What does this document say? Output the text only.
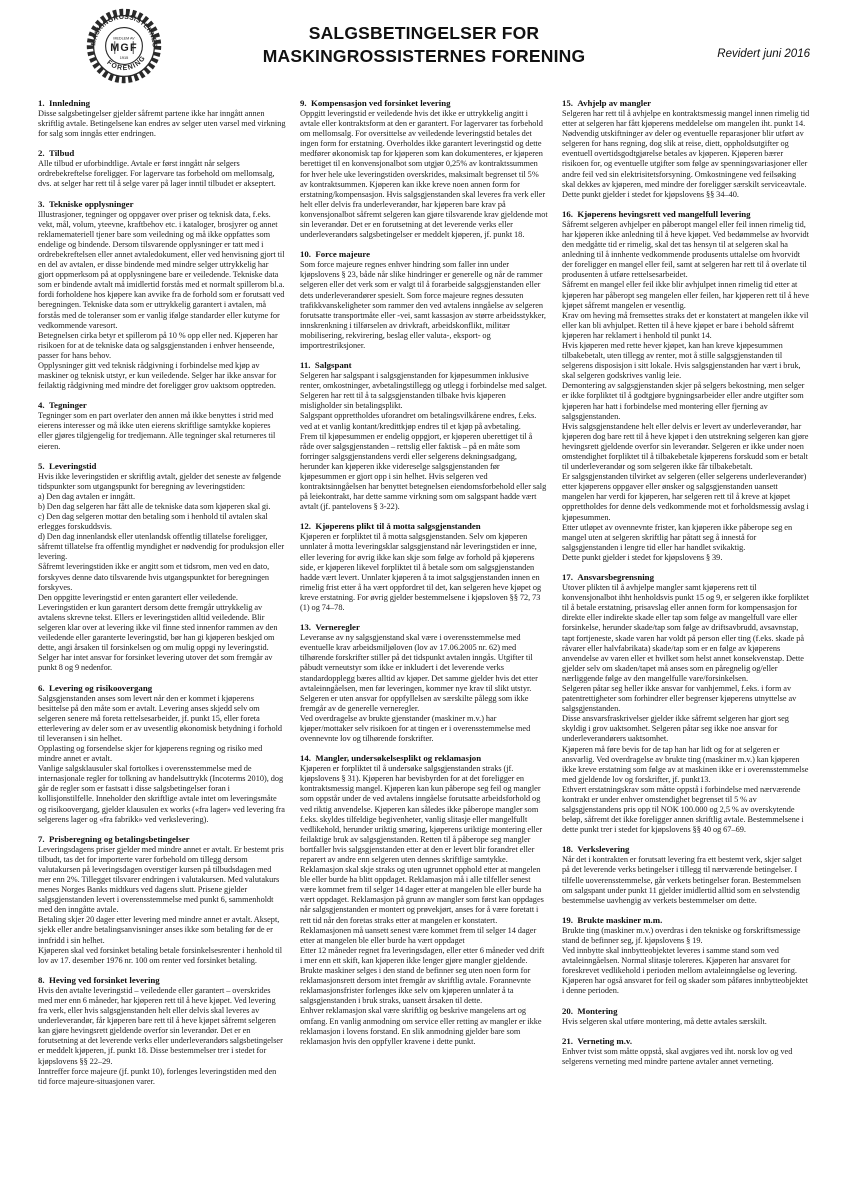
MASKINGROSSISTERNES
FORENING
MEDLEM AV
MGF
1915
SALGSBETINGELSER FOR
MASKINGROSSISTERNES FORENING	Revidert juni 2016
1. Innledning

Disse salgsbetingelser gjelder såfremt partene ikke har inngått annen skriftlig avtale. Betingelsene kan endres av selger uten varsel med virkning for salg som inngås etter endringen.

2. Tilbud

Alle tilbud er uforbindtlige. Avtale er først inngått når selgers ordrebekreftelse foreligger. For lagervare tas forbehold om mellomsalg, dvs. at selger har rett til å selge varer på lager inntil tilbudet er akseptert.

3. Tekniske opplysninger

Illustrasjoner, tegninger og oppgaver over priser og teknisk data, f.eks. vekt, mål, volum, yteevne, kraftbehov etc. i kataloger, brosjyrer og annet reklamemateriell tjener bare som veiledning og må ikke oppfattes som endelige og bindende. Dersom tilsvarende opplysninger er tatt med i ordrebekreftelsen eller annet avtaledokument, eller ved henvisning gjort til en del av avtalen, er disse bindende med mindre selger uttrykkelig har gjort oppmerksom på at opplysningene bare er veiledende. Tekniske data som er bindende avtalt må imidlertid forstås med et normalt spillerom bl.a. fordi forholdene hos kjøpere kan avvike fra de forhold som er forutsatt ved beregningen. Tekniske data som er uttrykkelig garantert i avtalen, må forstås med de toleranser som er vanlig ifølge standarder eller kutyme for vedkommende varesort.

Betegnelsen cirka betyr et spillerom på 10 % opp eller ned. Kjøperen har risikoen for at de tekniske data og salgsgjenstanden i enhver henseende, passer for hans behov.

Opplysninger gitt ved teknisk rådgivning i forbindelse med kjøp av maskiner og teknisk utstyr, er kun veiledende. Selger har ikke ansvar for feilaktig rådgivning med mindre det foreligger grov uaktsom opptreden.

4. Tegninger

Tegninger som en part overlater den annen må ikke benyttes i strid med eierens interesser og må ikke uten eierens skriftlige samtykke kopieres eller gjøres tilgjengelig for tredjemann. Alle tegninger skal returneres til eieren.

5. Leveringstid

Hvis ikke leveringstiden er skriftlig avtalt, gjelder det seneste av følgende tidspunkter som utgangspunkt for beregning av leveringstiden:

a) Den dag avtalen er inngått.

b) Den dag selgeren har fått alle de tekniske data som kjøperen skal gi.

c) Den dag selgeren mottar den betaling som i henhold til avtalen skal erlegges forskuddsvis.

d) Den dag innenlandsk eller utenlandsk offentlig tillatelse foreligger, såfremt tillatelse fra offentlig myndighet er nødvendig for produksjon eller levering.

Såfremt leveringstiden ikke er angitt som et tidsrom, men ved en dato, forskyves denne dato tilsvarende hvis utgangspunktet for beregningen forskyves.

Den oppgitte leveringstid er enten garantert eller veiledende. Leveringstiden er kun garantert dersom dette fremgår uttrykkelig av avtalens skrevne tekst. Ellers er leveringstiden alltid veiledende. Blir selgeren klar over at levering ikke vil finne sted innenfor rammen av den veiledende eller garanterte leveringstid, bør han gi kjøperen beskjed om dette, angi årsaken til forsinkelsen og om mulig oppgi ny leveringstid. Selger har intet ansvar for forsinket levering utover det som fremgår av punkt 8 og 9 nedenfor.

6. Levering og risikoovergang

Salgsgjenstanden anses som levert når den er kommet i kjøperens besittelse på den måte som er avtalt. Levering anses skjedd selv om selgeren senere må foreta rettelsesarbeider, jf. punkt 15, eller foreta etterlevering av deler som er av uvesentlig økonomisk betydning i forhold til leveransen i sin helhet.

Opplasting og forsendelse skjer for kjøperens regning og risiko med mindre annet er avtalt.

Vanlige salgsklausuler skal fortolkes i overensstemmelse med de internasjonale regler for tolkning av handelsuttrykk (Incoterms 2010), dog går de regler som er fastsatt i disse salgsbetingelser foran i kollisjonstilfelle. Inneholder den skriftlige avtale intet om leveringsmåte og risikoovergang, gjelder klausulen ex works («fra lager» ved levering fra selgerens lager og «fra fabrikk» ved verkslevering).

7. Prisberegning og betalingsbetingelser

Leveringsdagens priser gjelder med mindre annet er avtalt. Er bestemt pris tilbudt, tas det for importerte varer forbehold om tillegg dersom valutakursen på leveringsdagen overstiger kursen på tilbudsdagen med mer enn 2%. Tillegget tilsvarer endringen i valutakursen. Med valutakurs menes Norges Banks midtkurs ved dagens slutt. Prisene gjelder salgsgjenstanden levert i overensstemmelse med punkt 6, sammenholdt med den inngåtte avtale.

Betaling skjer 20 dager etter levering med mindre annet er avtalt. Aksept, sjekk eller andre betalingsanvisninger anses ikke som betaling før de er innfridd i sin helhet.

Kjøperen skal ved forsinket betaling betale forsinkelsesrenter i henhold til lov av 17. desember 1976 nr. 100 om renter ved forsinket betaling.

8. Heving ved forsinket levering

Hvis den avtalte leveringstid – veiledende eller garantert – overskrides med mer enn 6 måneder, har kjøperen rett til å heve kjøpet. Ved levering fra verk, eller hvis salgsgjenstanden helt eller delvis skal leveres av underleverandør, får kjøperen bare rett til å heve kjøpet såfremt selgeren kan gjøre hevingsrett gjeldende overfor sin leverandør. Det er en forutsetning at det leverende verks eller underleverandørs salgsbetingelser er meddelt kjøperen, jf. punkt 18. Disse bestemmelser trer i stedet for kjøpslovens §§ 22–29.

Inntreffer force majeure (jf. punkt 10), forlenges leveringstiden med den tid force majeure-situasjonen varer.

9. Kompensasjon ved forsinket levering

Oppgitt leveringstid er veiledende hvis det ikke er uttrykkelig angitt i avtale eller kontraktsform at den er garantert. For lagervarer tas forbehold om mellomsalg. For oversittelse av veiledende leveringstid betales det ingen form for erstatning. Overholdes ikke garantert leveringstid og dette medfører økonomisk tap for kjøperen som kan dokumenteres, er kjøperen berettiget til en konvensjonalbot som utgjør 0,25% av kontraktssummen for hver hele uke leveringstiden overskrides, maksimalt begrenset til 5% av kontraktsummen. Kjøperen kan ikke kreve noen annen form for erstatning/kompensasjon. Hvis salgsgjenstanden skal leveres fra verk eller helt eller delvis fra underleverandør, har kjøperen bare krav på konvensjonalbot såfremt selgeren kan gjøre tilsvarende krav gjeldende mot sin leverandør. Det er en forutsetning at det leverende verks eller underleverandørs salgsbetingelser er meddelt kjøperen, jf. punkt 18.

10. Force majeure

Som force majeure regnes enhver hindring som faller inn under kjøpslovens § 23, både når slike hindringer er generelle og når de rammer selgeren eller det verk som er valgt til å forarbeide salgsgjenstanden eller dets underleverandører spesielt. Som force majeure regnes dessuten trafikkvanskeligheter som rammer den ved avtalens inngåelse av selgeren forutsatte transportmåte eller -vei, samt kassasjon av større arbeidsstykker, innskrenkning i tilførselen av drivkraft, arbeidskonflikt, militær mobilisering, rekvirering, beslag eller valuta-, eksport- og importrestriksjoner.

11. Salgspant

Selgeren har salgspant i salgsgjenstanden for kjøpesummen inklusive renter, omkostninger, avbetalingstillegg og utlegg i forbindelse med salget. Selgeren har rett til å ta salgsgjenstanden tilbake hvis kjøperen misligholder sin betalingsplikt.

Salgspant opprettholdes uforandret om betalingsvilkårene endres, f.eks. ved at et vanlig kontant/kredittkjøp endres til et kjøp på avbetaling.

Frem til kjøpesummen er endelig oppgjort, er kjøperen uberettiget til å råde over salgsgjenstanden – rettslig eller faktisk – på en måte som forringer salgsgjenstandens verdi eller selgerens dekningsadgang, herunder kan kjøperen ikke videreselge salgsgjenstanden før kjøpesummen er gjort opp i sin helhet. Hvis selgeren ved kontraktsinngåelsen har benyttet betegnelsen eiendomsforbehold eller salg på leiekontrakt, har dette samme virkning som om salgspant hadde vært avtalt (jf. pantelovens § 3-22).

12. Kjøperens plikt til å motta salgsgjenstanden

Kjøperen er forpliktet til å motta salgsgjenstanden. Selv om kjøperen unnlater å motta leveringsklar salgsgjenstand når leveringstiden er inne, eller levering for øvrig ikke kan skje som følge av forhold på kjøperens side, er kjøperen likevel forpliktet til å betale som om salgsgjenstanden hadde vært levert. Unnlater kjøperen å ta imot salgsgjenstanden innen en rimelig frist etter å ha vært oppfordret til det, kan selgeren heve kjøpet og kreve erstatning. For øvrig gjelder bestemmelsene i kjøpsloven §§ 72, 73 (1) og 74–78.

13. Verneregler

Leveranse av ny salgsgjenstand skal være i overensstemmelse med eventuelle krav arbeidsmiljøloven (lov av 17.06.2005 nr. 62) med tilhørende forskrifter stiller på det tidspunkt avtalen inngås. Utgifter til påbudt verneutstyr som ikke er inkludert i det leverende verks standardopplegg bæres alltid av kjøper. Det samme gjelder hvis det etter avtaleinngåelsen, men før leveringen, kommer nye krav til slikt utstyr. Selgeren er uten ansvar for oppfyllelsen av særskilte pålegg som ikke fremgår av de generelle verneregler.

Ved overdragelse av brukte gjenstander (maskiner m.v.) har kjøper/mottaker selv risikoen for at tingen er i overensstemmelse med ovennevnte lov og tilhørende forskrifter.

14. Mangler, undersøkelsesplikt og reklamasjon

Kjøperen er forpliktet til å undersøke salgsgjenstanden straks (jf. kjøpslovens § 31). Kjøperen har bevisbyrden for at det foreligger en kontraktsmessig mangel. Kjøperen kan kun påberope seg feil og mangler som oppstår under de ved avtalens inngåelse forutsatte arbeidsforhold og ved riktig anvendelse. Kjøperen kan således ikke påberope mangler som f.eks. skyldes tilfeldige begivenheter, vanlig slitasje eller mangelfullt vedlikehold, herunder uriktig smøring, kjøperens uriktige montering eller feilaktige bruk av salgsgjenstanden. Retten til å påberope seg mangler bortfaller hvis salgsgjenstanden etter at den er levert blir forandret eller reparert av andre enn selgeren uten dennes skriftlige samtykke.

Reklamasjon skal skje straks og uten ugrunnet opphold etter at mangelen ble eller burde ha blitt oppdaget. Reklamasjon må i alle tilfeller senest være kommet frem til selger 14 dager etter at mangelen ble eller burde ha vært oppdaget. Reklamasjon på grunn av mangler som først kan oppdages når salgsgjenstanden er montert og prøvekjørt, anses for å være foretatt i rett tid når den foretas straks etter at mangelen er konstatert. Reklamasjonen må uansett senest være kommet frem til selger 14 dager etter at mangelen ble eller burde ha vært oppdaget

Etter 12 måneder regnet fra leveringsdagen, eller etter 6 måneder ved drift i mer enn ett skift, kan kjøperen ikke lenger gjøre mangler gjeldende. Brukte maskiner selges i den stand de befinner seg uten noen form for reklamasjonsrett dersom intet fremgår av skriftlig avtale. Forannevnte reklamasjonsfrister forlenges ikke selv om kjøperen unnlater å ta salgsgjenstanden i bruk straks, uansett årsaken til dette.

Enhver reklamasjon skal være skriftlig og beskrive mangelens art og omfang. En vanlig anmodning om service eller retting av mangler er ikke reklamasjon i lovens forstand. En slik anmodning gjelder bare som reklamasjon hvis den oppfyller kravene i dette punkt.

15. Avhjelp av mangler

Selgeren har rett til å avhjelpe en kontraktsmessig mangel innen rimelig tid etter at selgeren har fått kjøperens meddelelse om mangelen iht. punkt 14.

Nødvendig utskiftninger av deler og eventuelle reparasjoner blir utført av selgeren for hans regning, dog slik at reise, diett, oppholdsutgifter og eventuell overtidsgodtgjørelse betales av kjøperen. Kjøperen bærer risikoen for, og eventuelle utgifter som følge av spenningsvariasjoner eller andre feil ved sin elektrisitetsforsyning. Omkostningene ved feilsøking skal dekkes av kjøperen, med mindre der foreligger særskilt serviceavtale.

Dette punkt gjelder i stedet for kjøpslovens §§ 34–40.

16. Kjøperens hevingsrett ved mangelfull levering

Såfremt selgeren avhjelper en påberopt mangel eller feil innen rimelig tid, har kjøperen ikke anledning til å heve kjøpet. Ved bedømmelse av hvorvidt den medgåtte tid er rimelig, skal det tas hensyn til at selgeren skal ha anledning til å innhente vedkommende produsents uttalelse om hvorvidt der foreligger en mangel eller feil, samt at selgeren har rett til å overlate til produsenten å utføre rettelsesarbeidet.

Såfremt en mangel eller feil ikke blir avhjulpet innen rimelig tid etter at kjøperen har påberopt seg mangelen eller feilen, har kjøperen rett til å heve kjøpet såfremt mangelen er vesentlig.

Krav om heving må fremsettes straks det er konstatert at mangelen ikke vil eller kan bli avhjulpet. Retten til å heve kjøpet er bare i behold såfremt kjøperen har reklamert i henhold til punkt 14.

Hvis kjøperen med rette hever kjøpet, kan han kreve kjøpesummen tilbakebetalt, uten tillegg av renter, mot å stille salgsgjenstanden til selgerens disposisjon i sitt lokale. Hvis salgsgjenstanden har vært i bruk, skal selgeren godskrives vanlig leie.

Demontering av salgsgjenstanden skjer på selgers bekostning, men selger er ikke forpliktet til å godtgjøre bygningsarbeider eller andre utgifter som kjøperen har hatt i forbindelse med montering eller fjerning av salgsgjenstanden.

Hvis salgsgjenstandene helt eller delvis er levert av underleverandør, har kjøperen dog bare rett til å heve kjøpet i den utstrekning selgeren kan gjøre hevingsrett gjeldende overfor sin leverandør. Selgeren er ikke under noen omstendighet forpliktet til å tilbakebetale kjøperens forskudd som er betalt til underleverandør og som selgeren ikke får tilbakebetalt.

Er salgsgjenstanden tilvirket av selgeren (eller selgerens underleverandør) etter kjøperens oppgaver eller ønsker og salgsgjenstanden uansett mangelen har verdi for kjøperen, har selgeren rett til å kreve at kjøpet opprettholdes for denne dels vedkommende mot et forholdsmessig avslag i kjøpesummen.

Etter utløpet av ovennevnte frister, kan kjøperen ikke påberope seg en mangel uten at selgeren skriftlig har påtatt seg å innestå for salgsgjenstanden i lengre tid eller har handlet svikaktig.

Dette punkt gjelder i stedet for kjøpslovens § 39.

17. Ansvarsbegrensning

Utover plikten til å avhjelpe mangler samt kjøperens rett til konvensjonalbot ihht henholdsvis punkt 15 og 9, er selgeren ikke forpliktet til å betale erstatning, prisavslag eller annen form for kompensasjon for direkte eller indirekte skade eller tap som følge av mangelfull vare eller forsinkelse, herunder skade/tap som følge av driftsavbrudd, avsavnstap, tapt fortjeneste, skade varen har voldt på person eller ting (f.eks. skade på råvarer eller halvfabrikata) skade/tap som er en følge av kjøperens anvendelse av varen eller et hvilket som helst annet konsekvenstap. Dette gjelder selv om skaden/tapet må anses som en påregnelig og/eller nærliggende følge av den mangelfulle vare/forsinkelsen.

Selgeren påtar seg heller ikke ansvar for vanhjemmel, f.eks. i form av patentrettigheter som forhindrer eller begrenser kjøperens utnyttelse av salgsgjenstanden.

Disse ansvarsfraskrivelser gjelder ikke såfremt selgeren har gjort seg skyldig i grov uaktsomhet. Selgeren påtar seg ikke noe ansvar for underleverandørers uaktsomhet.

Kjøperen må føre bevis for de tap han har lidt og for at selgeren er ansvarlig. Ved overdragelse av brukte ting (maskiner m.v.) kan kjøperen ikke kreve erstatning som følge av at maskinen ikke er i overensstemmelse med gjeldende lov og forskrifter, jf. punkt13.

Ethvert erstatningskrav som måtte oppstå i forbindelse med nærværende kontrakt er under enhver omstendighet begrenset til 5 % av salgsgjenstandens pris opp til NOK 100.000 og 2,5 % av overskytende beløp, såfremt det ikke foreligger annen skriftlig avtale. Bestemmelsene i dette punkt trer i stedet for kjøpslovens §§ 40 og 67–69.

18. Verkslevering

Når det i kontrakten er forutsatt levering fra ett bestemt verk, skjer salget på det leverende verks betingelser i tillegg til nærværende betingelser. I tilfelle uoverensstemmelse, går verkets betingelser foran. Bestemmelsen om salgspant under punkt 11 gjelder imidlertid alltid som en selvstendig bestemmelse uavhengig av verkets bestemmelser om dette.

19. Brukte maskiner m.m.

Brukte ting (maskiner m.v.) overdras i den tekniske og forskriftsmessige stand de befinner seg, jf. kjøpslovens § 19.

Ved innbytte skal innbytteobjektet leveres i samme stand som ved avtaleinngåelsen. Normal slitasje tolereres. Kjøperen har ansvaret for foreskrevet vedlikehold i perioden mellom avtaleinngåelse og levering. Kjøperen har også ansvaret for feil og skader som påføres innbytteobjektet i denne perioden.

20. Montering

Hvis selgeren skal utføre montering, må dette avtales særskilt.

21. Verneting m.v.

Enhver tvist som måtte oppstå, skal avgjøres ved iht. norsk lov og ved selgerens verneting med mindre partene avtaler annet verneting.
